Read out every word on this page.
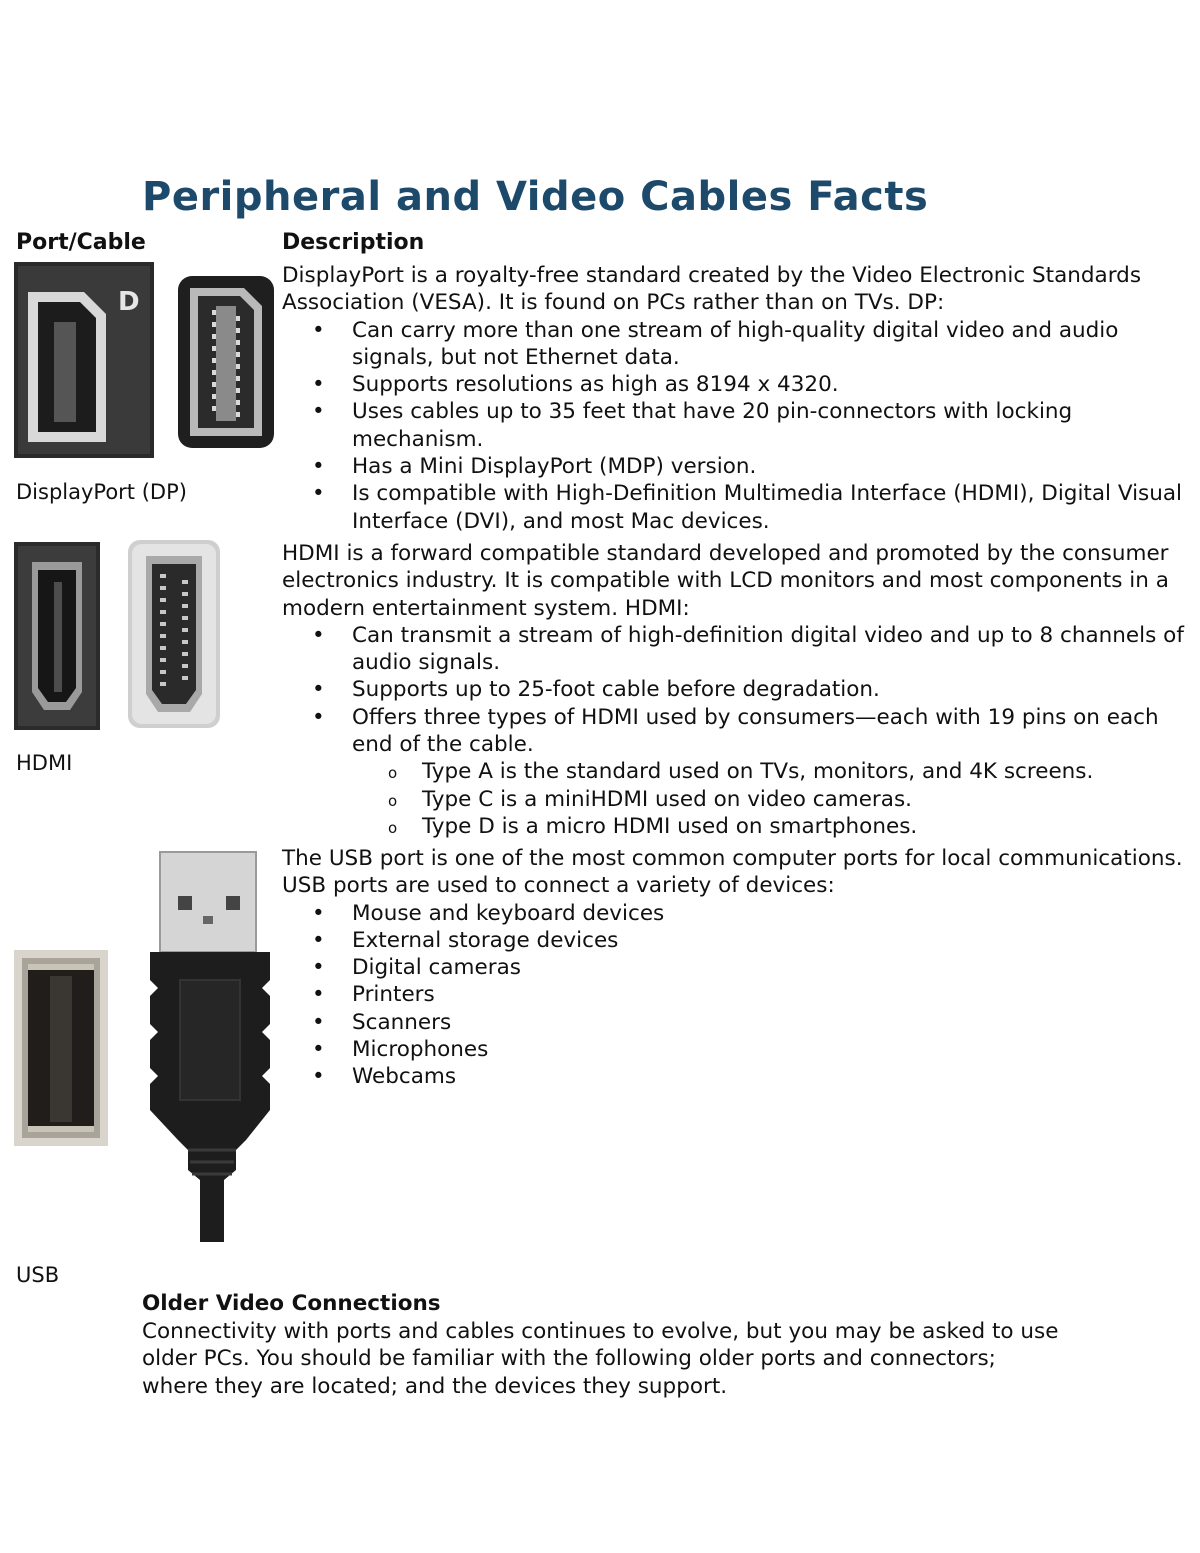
Peripheral and Video Cables Facts
Port/Cable	Description
D
DisplayPort (DP)
HDMI
USB

DisplayPort is a royalty-free standard created by the Video Electronic Standards Association (VESA). It is found on PCs rather than on TVs. DP:

• Can carry more than one stream of high-quality digital video and audio signals, but not Ethernet data.
• Supports resolutions as high as 8194 x 4320.
• Uses cables up to 35 feet that have 20 pin-connectors with locking mechanism.
• Has a Mini DisplayPort (MDP) version.
• Is compatible with High-Definition Multimedia Interface (HDMI), Digital Visual Interface (DVI), and most Mac devices.

HDMI is a forward compatible standard developed and promoted by the consumer electronics industry. It is compatible with LCD monitors and most components in a modern entertainment system. HDMI:

• Can transmit a stream of high-definition digital video and up to 8 channels of audio signals.
• Supports up to 25-foot cable before degradation.
• Offers three types of HDMI used by consumers—each with 19 pins on each end of the cable.
o Type A is the standard used on TVs, monitors, and 4K screens.
o Type C is a miniHDMI used on video cameras.
o Type D is a micro HDMI used on smartphones.

The USB port is one of the most common computer ports for local communications. USB ports are used to connect a variety of devices:

• Mouse and keyboard devices
• External storage devices
• Digital cameras
• Printers
• Scanners
• Microphones
• Webcams

Older Video Connections

Connectivity with ports and cables continues to evolve, but you may be asked to use older PCs. You should be familiar with the following older ports and connectors; where they are located; and the devices they support.
